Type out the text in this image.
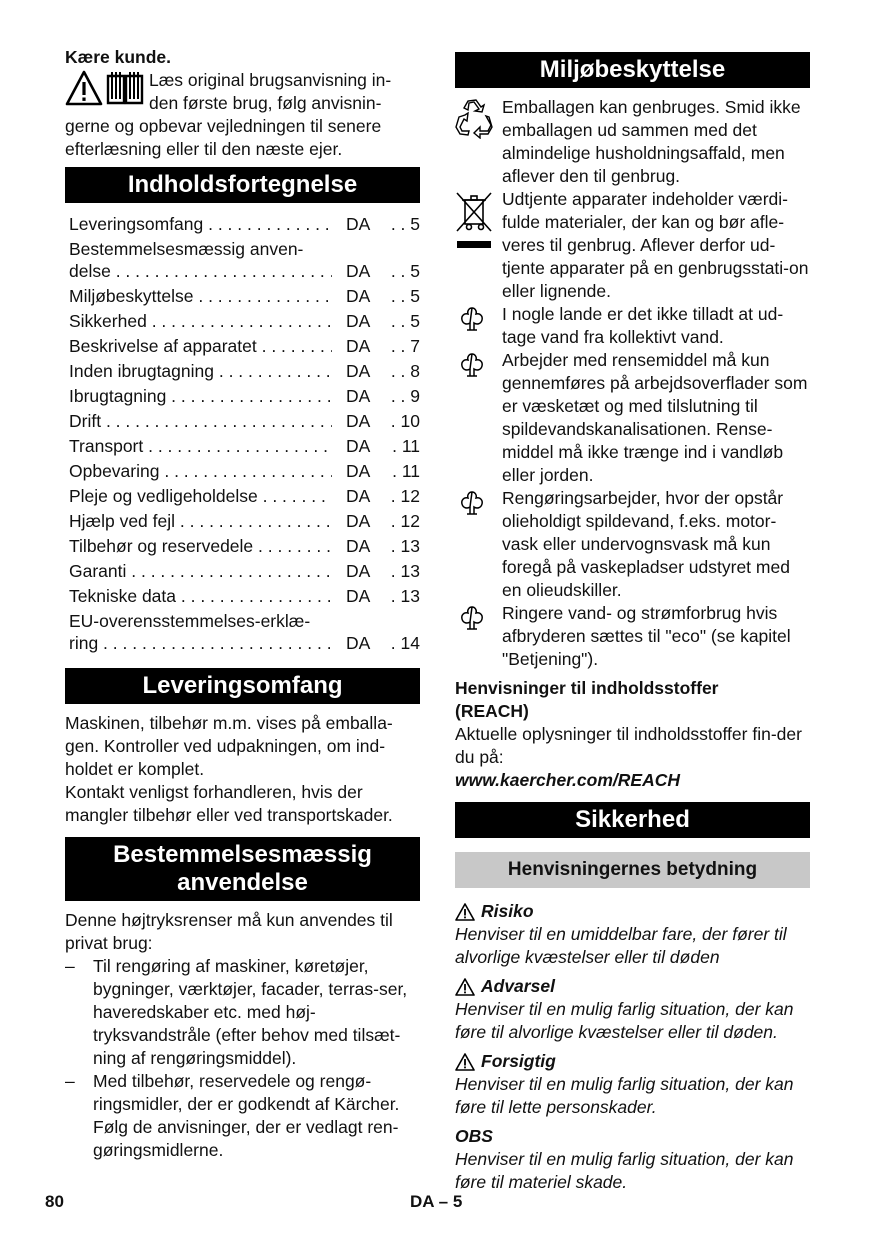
Kære kunde.

Læs original brugsanvisning in-

den første brug, følg anvisnin-

gerne og opbevar vejledningen til senere

efterlæsning eller til den næste ejer.

Indholdsfortegnelse
Leveringsomfang . . .	DA	. . 5
Bestemmelsesmæssig anven-
delse . . .	DA	. . 5
Miljøbeskyttelse . . .	DA	. . 5
Sikkerhed . . .	DA	. . 5
Beskrivelse af apparatet . . .	DA	. . 7
Inden ibrugtagning . . .	DA	. . 8
Ibrugtagning . . .	DA	. . 9
Drift . . .	DA	. 10
Transport . . .	DA	. 11
Opbevaring . . .	DA	. 11
Pleje og vedligeholdelse . . .	DA	. 12
Hjælp ved fejl . . .	DA	. 12
Tilbehør og reservedele . . .	DA	. 13
Garanti . . .	DA	. 13
Tekniske data . . .	DA	. 13
EU-overensstemmelses-erklæ-
ring . . .	DA	. 14
Leveringsomfang

Maskinen, tilbehør m.m. vises på emballa-gen. Kontroller ved udpakningen, om ind-holdet er komplet.

Kontakt venligst forhandleren, hvis der mangler tilbehør eller ved transportskader.

Bestemmelsesmæssig
anvendelse

Denne højtryksrenser må kun anvendes til privat brug:

– Til rengøring af maskiner, køretøjer, bygninger, værktøjer, facader, terras-ser, haveredskaber etc. med høj-tryksvandstråle (efter behov med tilsæt-ning af rengøringsmiddel).

– Med tilbehør, reservedele og rengø-ringsmidler, der er godkendt af Kärcher. Følg de anvisninger, der er vedlagt ren-gøringsmidlerne.

Miljøbeskyttelse

Emballagen kan genbruges. Smid ikke emballagen ud sammen med det almindelige husholdningsaffald, men aflever den til genbrug.

Udtjente apparater indeholder værdi-fulde materialer, der kan og bør afle-veres til genbrug. Aflever derfor ud-tjente apparater på en genbrugsstati-on eller lignende.

I nogle lande er det ikke tilladt at ud-tage vand fra kollektivt vand.

Arbejder med rensemiddel må kun gennemføres på arbejdsoverflader som er væsketæt og med tilslutning til spildevandskanalisationen. Rense-middel må ikke trænge ind i vandløb eller jorden.

Rengøringsarbejder, hvor der opstår olieholdigt spildevand, f.eks. motor-vask eller undervognsvask må kun foregå på vaskepladser udstyret med en olieudskiller.

Ringere vand- og strømforbrug hvis afbryderen sættes til "eco" (se kapitel "Betjening").

Henvisninger til indholdsstoffer

(REACH)

Aktuelle oplysninger til indholdsstoffer fin-der du på:

www.kaercher.com/REACH

Sikkerhed
Henvisningernes betydning
Risiko

Henviser til en umiddelbar fare, der fører til alvorlige kvæstelser eller til døden

Advarsel

Henviser til en mulig farlig situation, der kan føre til alvorlige kvæstelser eller til døden.

Forsigtig

Henviser til en mulig farlig situation, der kan føre til lette personskader.

OBS

Henviser til en mulig farlig situation, der kan føre til materiel skade.

80	DA – 5
